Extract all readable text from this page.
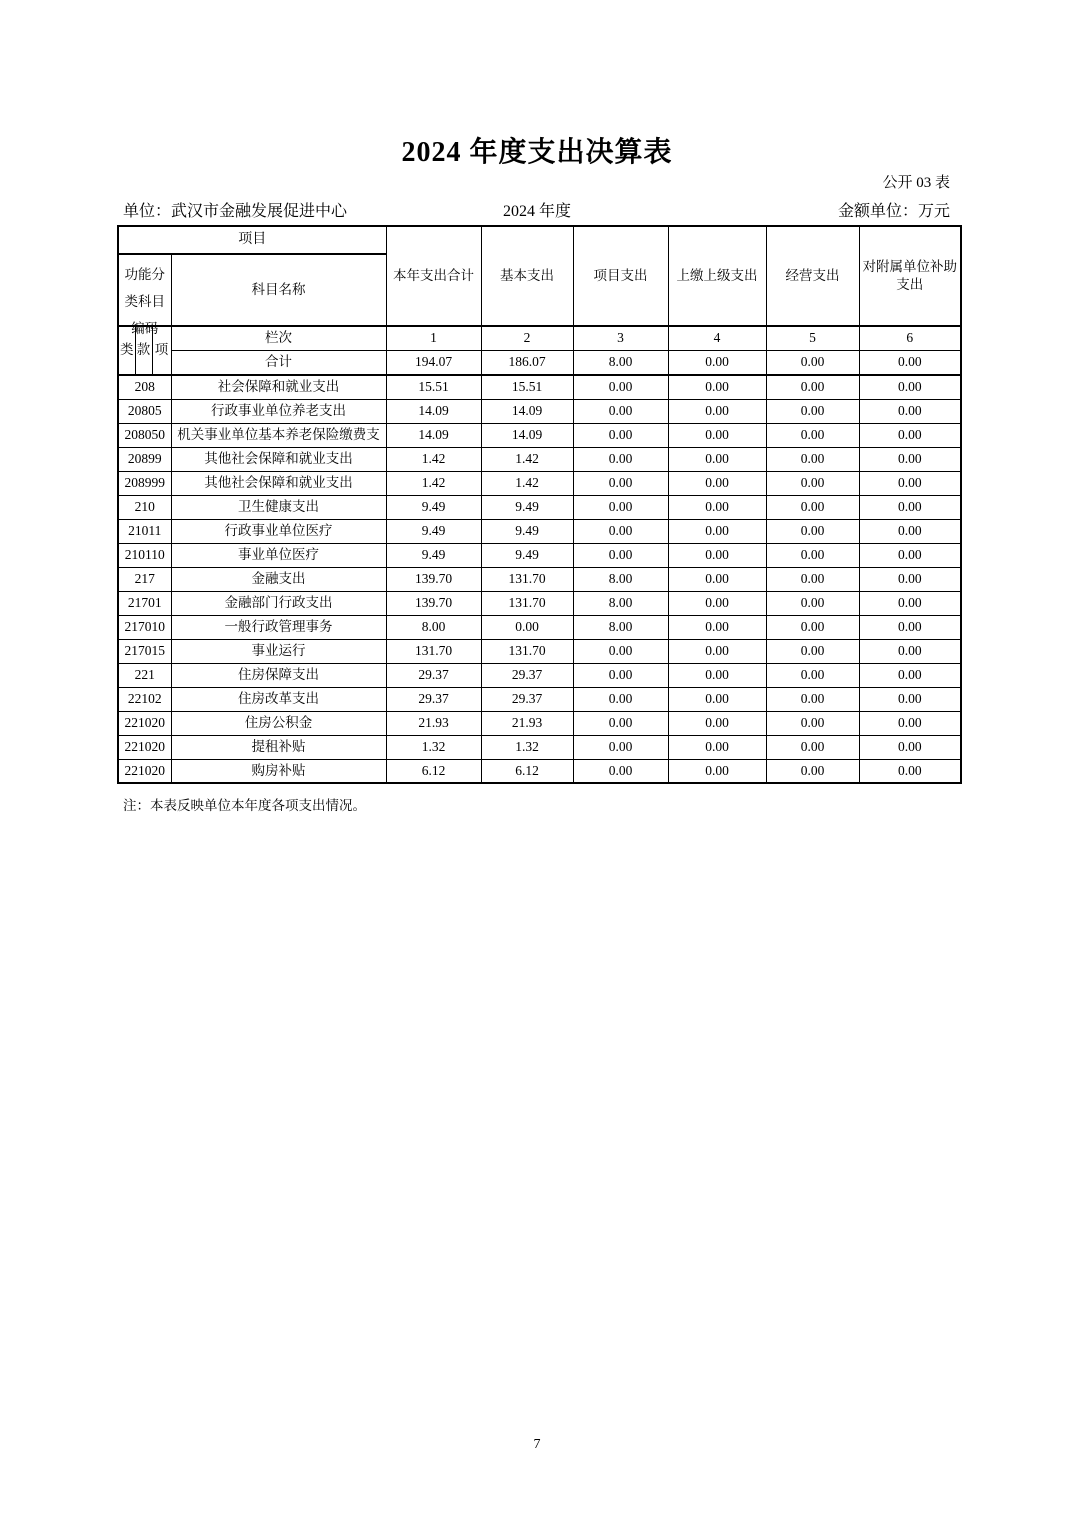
2024 年度支出决算表
公开 03 表
单位：武汉市金融发展促进中心	2024 年度	金额单位：万元
项目				本年支出合计	基本支出	项目支出	上缴上级支出	经营支出	对附属单位补助支出

功能分
类科目
编码			科目名称						
类	款	项	栏次	1	2	3	4	5	6
			合计	194.07	186.07	8.00	0.00	0.00	0.00
208			社会保障和就业支出	15.51	15.51	0.00	0.00	0.00	0.00
20805			行政事业单位养老支出	14.09	14.09	0.00	0.00	0.00	0.00
208050			机关事业单位基本养老保险缴费支	14.09	14.09	0.00	0.00	0.00	0.00
20899			其他社会保障和就业支出	1.42	1.42	0.00	0.00	0.00	0.00
208999			其他社会保障和就业支出	1.42	1.42	0.00	0.00	0.00	0.00
210			卫生健康支出	9.49	9.49	0.00	0.00	0.00	0.00
21011			行政事业单位医疗	9.49	9.49	0.00	0.00	0.00	0.00
210110			事业单位医疗	9.49	9.49	0.00	0.00	0.00	0.00
217			金融支出	139.70	131.70	8.00	0.00	0.00	0.00
21701			金融部门行政支出	139.70	131.70	8.00	0.00	0.00	0.00
217010			一般行政管理事务	8.00	0.00	8.00	0.00	0.00	0.00
217015			事业运行	131.70	131.70	0.00	0.00	0.00	0.00
221			住房保障支出	29.37	29.37	0.00	0.00	0.00	0.00
22102			住房改革支出	29.37	29.37	0.00	0.00	0.00	0.00
221020			住房公积金	21.93	21.93	0.00	0.00	0.00	0.00
221020			提租补贴	1.32	1.32	0.00	0.00	0.00	0.00
221020			购房补贴	6.12	6.12	0.00	0.00	0.00	0.00
注：本表反映单位本年度各项支出情况。
7
